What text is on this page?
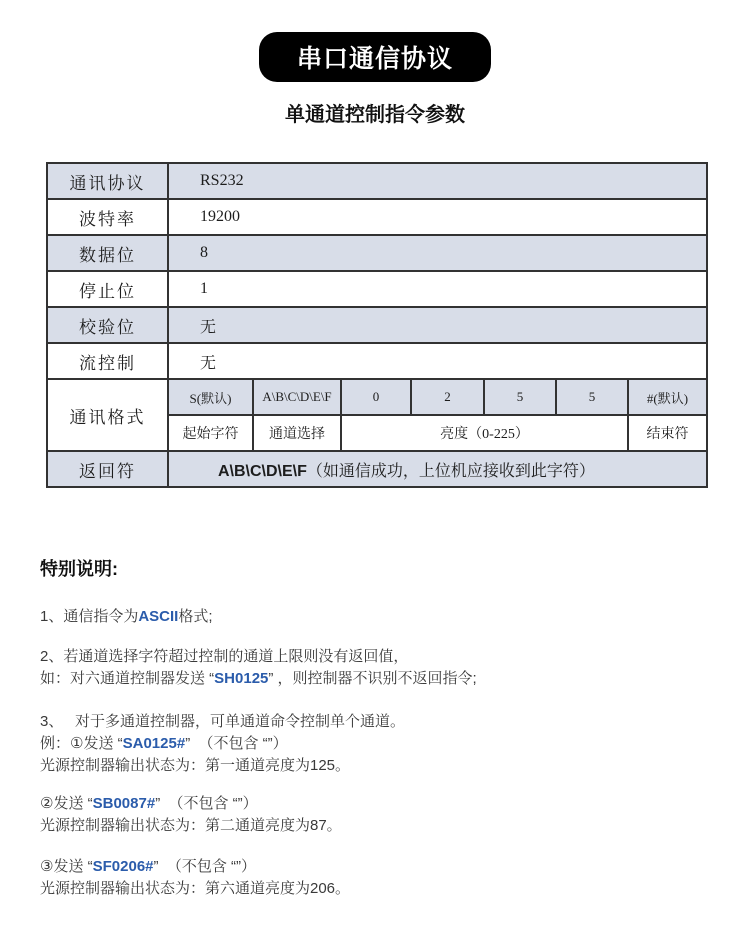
串口通信协议
单通道控制指令参数
通讯协议	RS232						
波特率	19200						
数据位	8						
停止位	1						
校验位	无						
流控制	无						
通讯格式	S(默认)	A\B\C\D\E\F	0	2	5	5	#(默认)
	起始字符	通道选择	亮度（0-225）				结束符
返回符	A\B\C\D\E\F（如通信成功，上位机应接收到此字符）						
特别说明:

1、通信指令为ASCII格式;

2、若通道选择字符超过控制的通道上限则没有返回值，
如：对六通道控制器发送 “SH0125” ，则控制器不识别不返回指令;

3、　 对于多通道控制器，可单通道命令控制单个通道。
例：①发送 “SA0125#”  （不包含 “”）
光源控制器输出状态为：第一通道亮度为125。

②发送 “SB0087#”  （不包含 “”）
光源控制器输出状态为：第二通道亮度为87。

③发送 “SF0206#”  （不包含 “”）
光源控制器输出状态为：第六通道亮度为206。
